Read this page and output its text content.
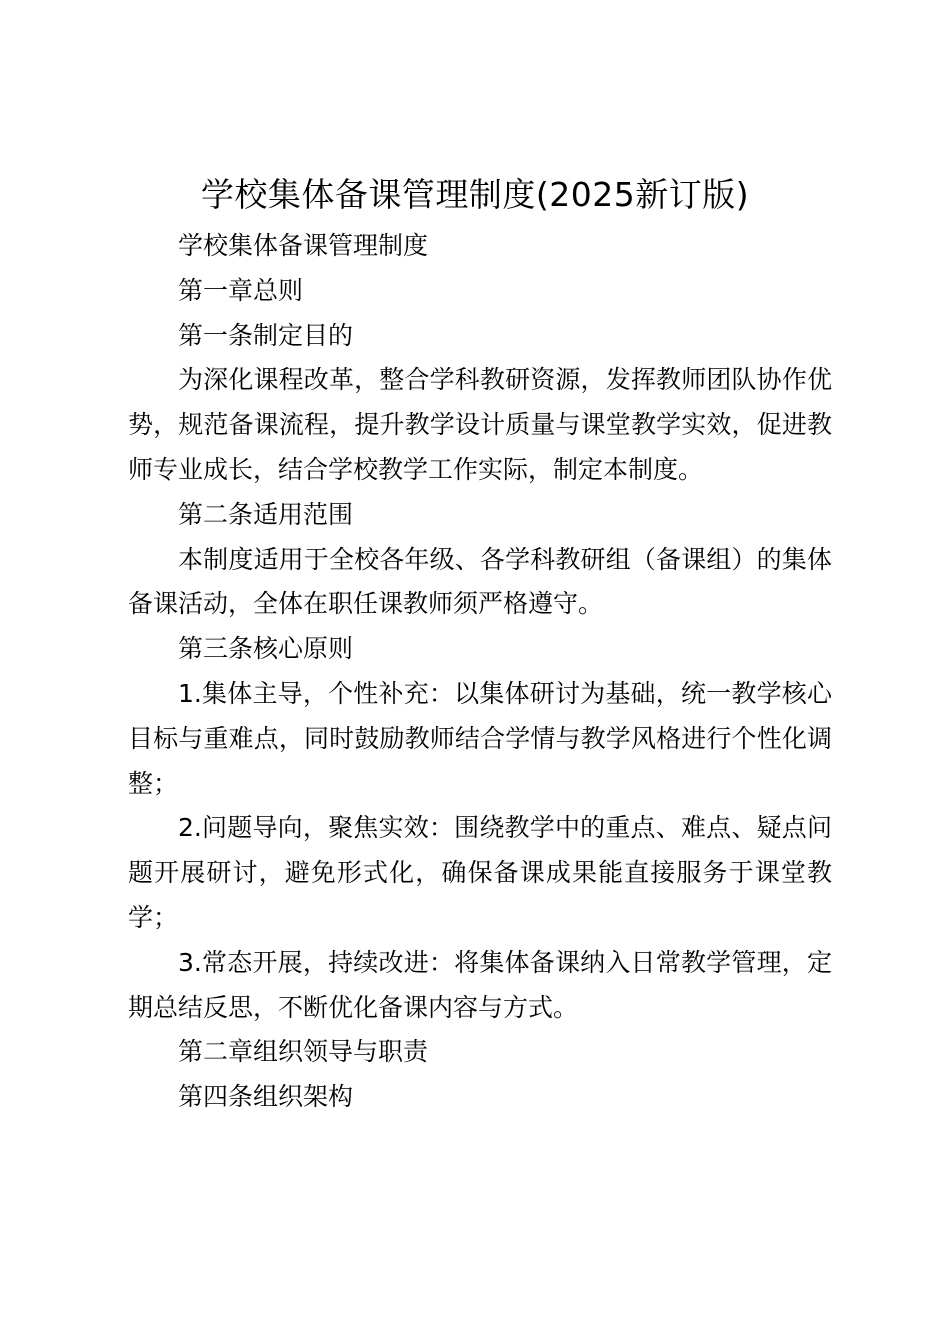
学校集体备课管理制度(2025新订版)

学校集体备课管理制度

第一章总则

第一条制定目的

为深化课程改革，整合学科教研资源，发挥教师团队协作优势，规范备课流程，提升教学设计质量与课堂教学实效，促进教师专业成长，结合学校教学工作实际，制定本制度。

第二条适用范围

本制度适用于全校各年级、各学科教研组（备课组）的集体备课活动，全体在职任课教师须严格遵守。

第三条核心原则

1.集体主导，个性补充：以集体研讨为基础，统一教学核心目标与重难点，同时鼓励教师结合学情与教学风格进行个性化调整；

2.问题导向，聚焦实效：围绕教学中的重点、难点、疑点问题开展研讨，避免形式化，确保备课成果能直接服务于课堂教学；

3.常态开展，持续改进：将集体备课纳入日常教学管理，定期总结反思，不断优化备课内容与方式。

第二章组织领导与职责

第四条组织架构
